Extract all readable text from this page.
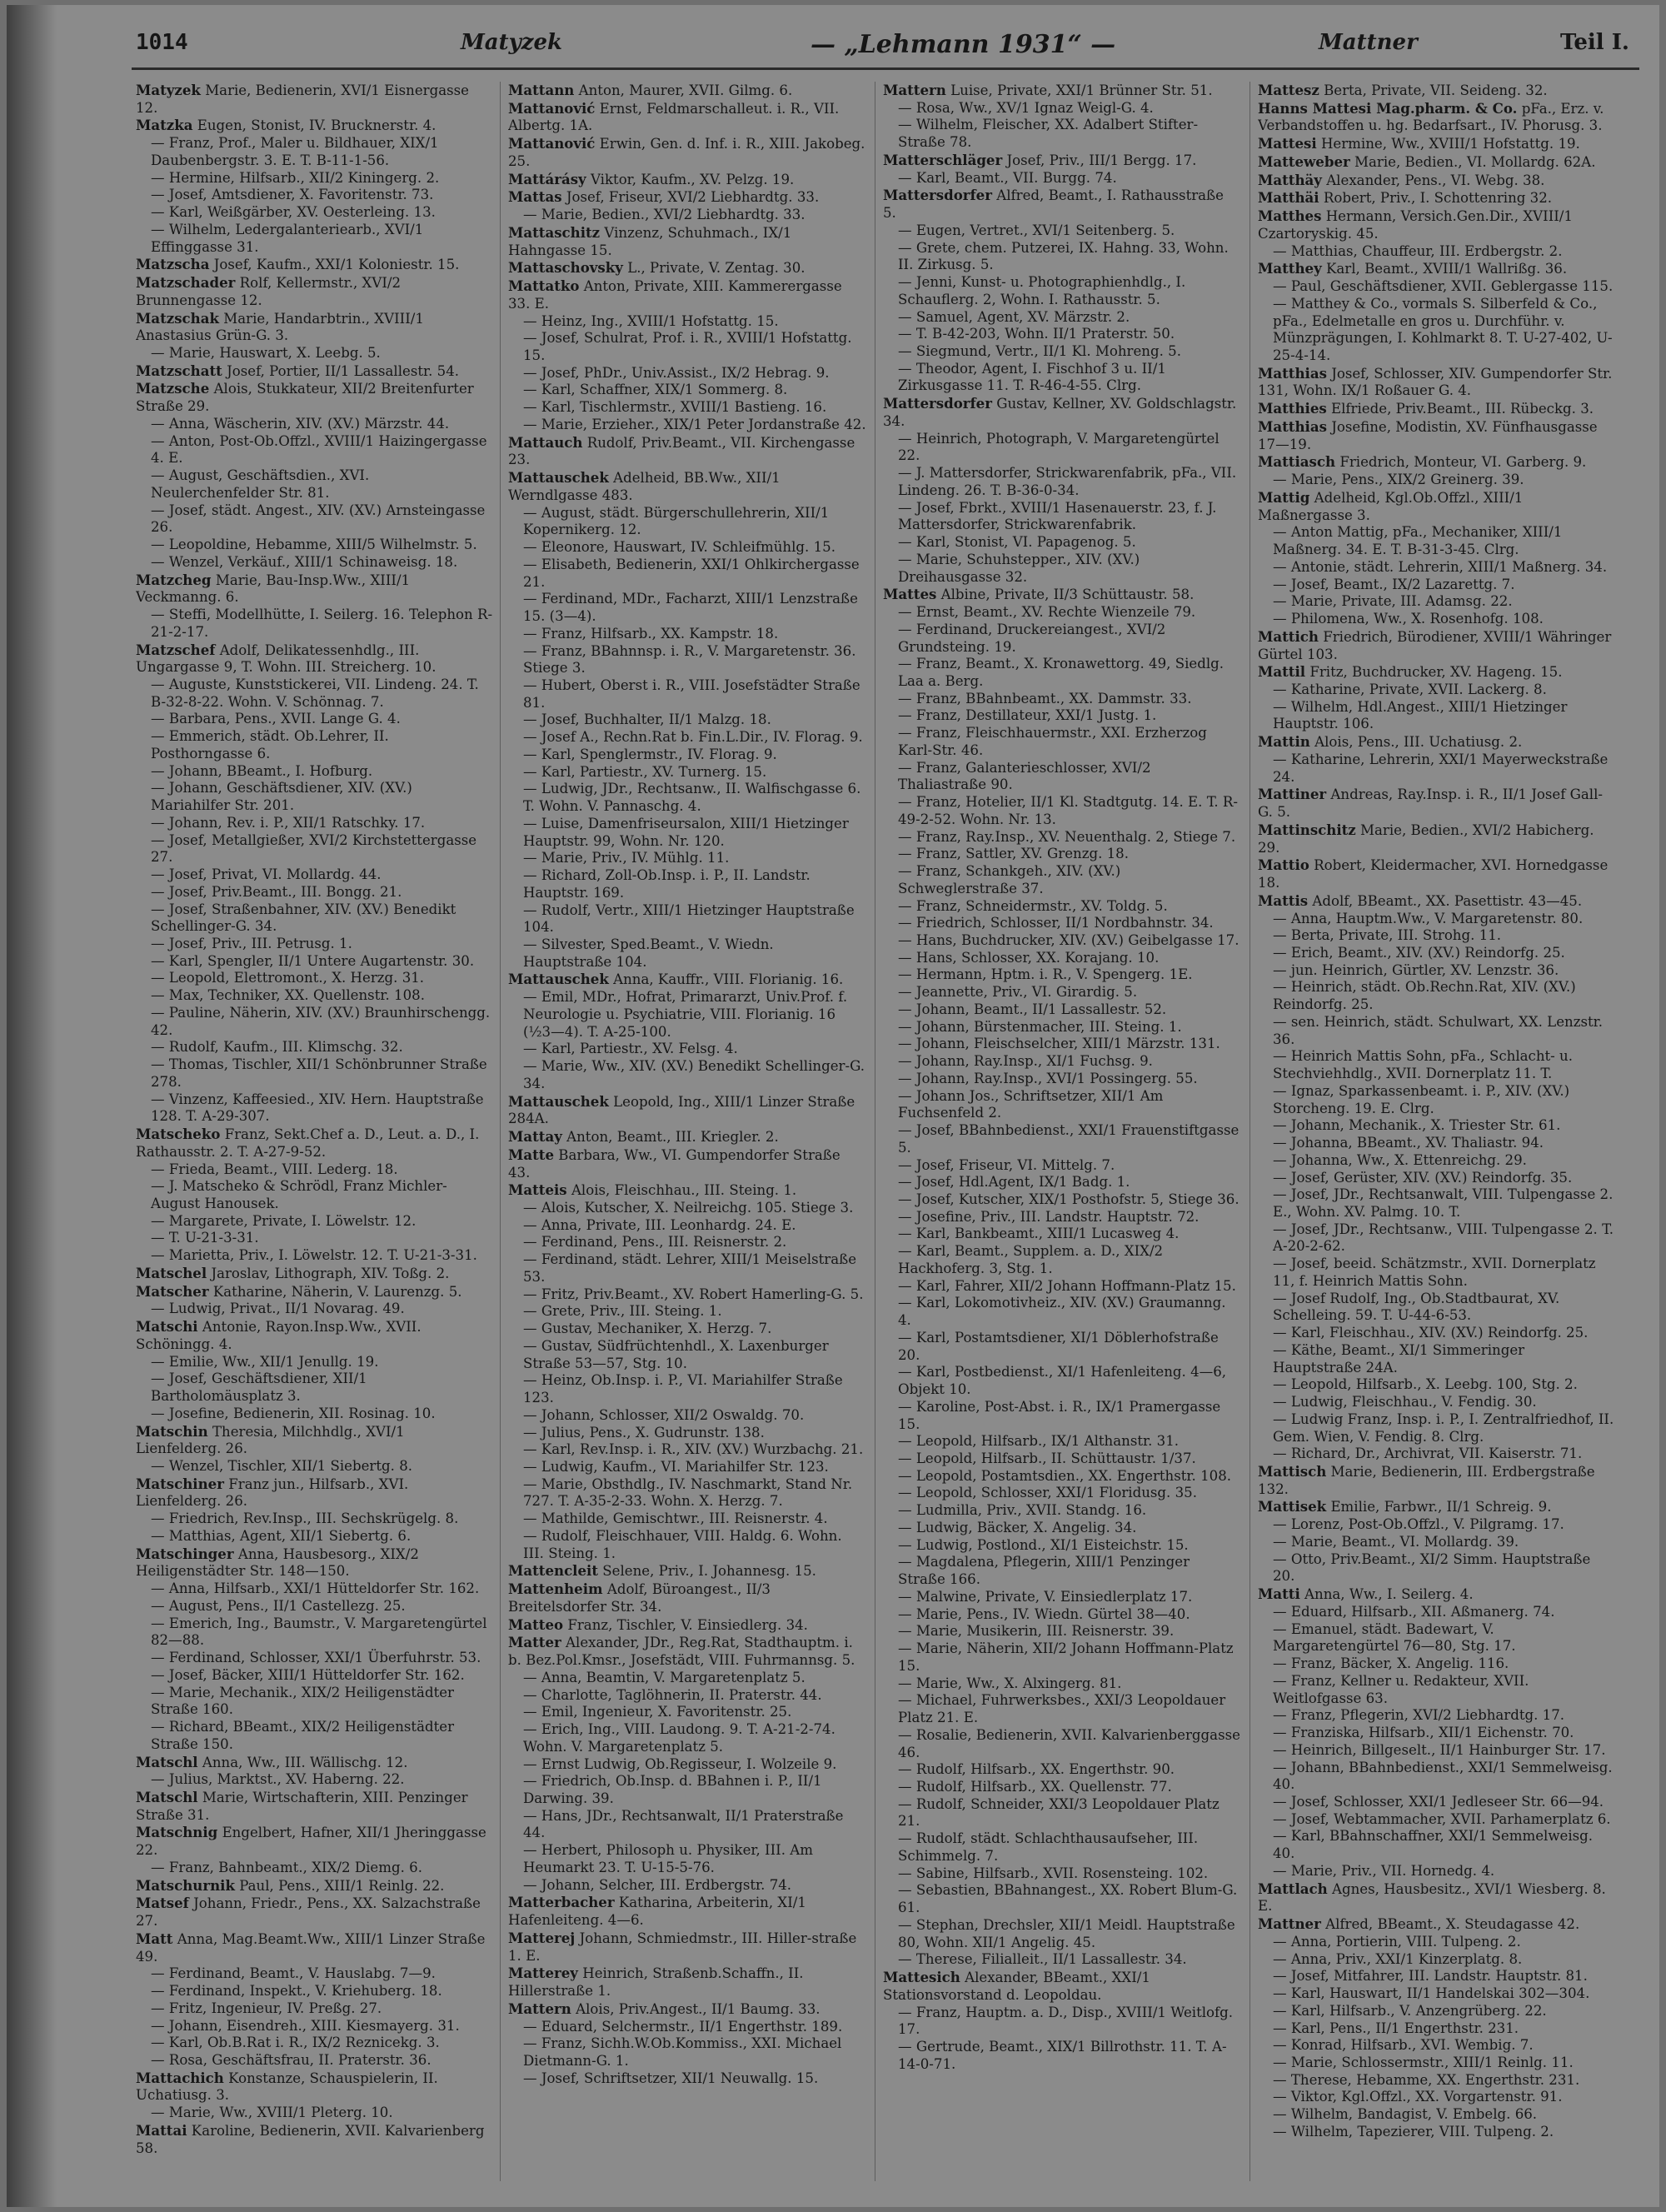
1014	Matyzek	— „Lehmann 1931“ —	Mattner	Teil I.

Matyzek Marie, Bedienerin, XVI/1 Eisnergasse 12.

Matzka Eugen, Stonist, IV. Brucknerstr. 4.

— Franz, Prof., Maler u. Bildhauer, XIX/1 Daubenbergstr. 3. E. T. B-11-1-56.

— Hermine, Hilfsarb., XII/2 Kiningerg. 2.

— Josef, Amtsdiener, X. Favoritenstr. 73.

— Karl, Weißgärber, XV. Oesterleing. 13.

— Wilhelm, Ledergalanteriearb., XVI/1 Effinggasse 31.

Matzscha Josef, Kaufm., XXI/1 Koloniestr. 15.

Matzschader Rolf, Kellermstr., XVI/2 Brunnengasse 12.

Matzschak Marie, Handarbtrin., XVIII/1 Anastasius Grün-G. 3.

— Marie, Hauswart, X. Leebg. 5.

Matzschatt Josef, Portier, II/1 Lassallestr. 54.

Matzsche Alois, Stukkateur, XII/2 Breitenfurter Straße 29.

— Anna, Wäscherin, XIV. (XV.) Märzstr. 44.

— Anton, Post-Ob.Offzl., XVIII/1 Haizingergasse 4. E.

— August, Geschäftsdien., XVI. Neulerchenfelder Str. 81.

— Josef, städt. Angest., XIV. (XV.) Arnsteingasse 26.

— Leopoldine, Hebamme, XIII/5 Wilhelmstr. 5.

— Wenzel, Verkäuf., XIII/1 Schinaweisg. 18.

Matzcheg Marie, Bau-Insp.Ww., XIII/1 Veckmanng. 6.

— Steffi, Modellhütte, I. Seilerg. 16. Telephon R-21-2-17.

Matzschef Adolf, Delikatessenhdlg., III. Ungargasse 9, T. Wohn. III. Streicherg. 10.

— Auguste, Kunststickerei, VII. Lindeng. 24. T. B-32-8-22. Wohn. V. Schönnag. 7.

— Barbara, Pens., XVII. Lange G. 4.

— Emmerich, städt. Ob.Lehrer, II. Posthorngasse 6.

— Johann, BBeamt., I. Hofburg.

— Johann, Geschäftsdiener, XIV. (XV.) Mariahilfer Str. 201.

— Johann, Rev. i. P., XII/1 Ratschky. 17.

— Josef, Metallgießer, XVI/2 Kirchstettergasse 27.

— Josef, Privat, VI. Mollardg. 44.

— Josef, Priv.Beamt., III. Bongg. 21.

— Josef, Straßenbahner, XIV. (XV.) Benedikt Schellinger-G. 34.

— Josef, Priv., III. Petrusg. 1.

— Karl, Spengler, II/1 Untere Augartenstr. 30.

— Leopold, Elettromont., X. Herzg. 31.

— Max, Techniker, XX. Quellenstr. 108.

— Pauline, Näherin, XIV. (XV.) Braunhirschengg. 42.

— Rudolf, Kaufm., III. Klimschg. 32.

— Thomas, Tischler, XII/1 Schönbrunner Straße 278.

— Vinzenz, Kaffeesied., XIV. Hern. Hauptstraße 128. T. A-29-307.

Matscheko Franz, Sekt.Chef a. D., Leut. a. D., I. Rathausstr. 2. T. A-27-9-52.

— Frieda, Beamt., VIII. Lederg. 18.

— J. Matscheko & Schrödl, Franz Michler-August Hanousek.

— Margarete, Private, I. Löwelstr. 12.

— T. U-21-3-31.

— Marietta, Priv., I. Löwelstr. 12. T. U-21-3-31.

Matschel Jaroslav, Lithograph, XIV. Toßg. 2.

Matscher Katharine, Näherin, V. Laurenzg. 5.

— Ludwig, Privat., II/1 Novarag. 49.

Matschi Antonie, Rayon.Insp.Ww., XVII. Schöningg. 4.

— Emilie, Ww., XII/1 Jenullg. 19.

— Josef, Geschäftsdiener, XII/1 Bartholomäusplatz 3.

— Josefine, Bedienerin, XII. Rosinag. 10.

Matschin Theresia, Milchhdlg., XVI/1 Lienfelderg. 26.

— Wenzel, Tischler, XII/1 Siebertg. 8.

Matschiner Franz jun., Hilfsarb., XVI. Lienfelderg. 26.

— Friedrich, Rev.Insp., III. Sechskrügelg. 8.

— Matthias, Agent, XII/1 Siebertg. 6.

Matschinger Anna, Hausbesorg., XIX/2 Heiligenstädter Str. 148—150.

— Anna, Hilfsarb., XXI/1 Hütteldorfer Str. 162.

— August, Pens., II/1 Castellezg. 25.

— Emerich, Ing., Baumstr., V. Margaretengürtel 82—88.

— Ferdinand, Schlosser, XXI/1 Überfuhrstr. 53.

— Josef, Bäcker, XIII/1 Hütteldorfer Str. 162.

— Marie, Mechanik., XIX/2 Heiligenstädter Straße 160.

— Richard, BBeamt., XIX/2 Heiligenstädter Straße 150.

Matschl Anna, Ww., III. Wällischg. 12.

— Julius, Marktst., XV. Haberng. 22.

Matschl Marie, Wirtschafterin, XIII. Penzinger Straße 31.

Matschnig Engelbert, Hafner, XII/1 Jheringgasse 22.

— Franz, Bahnbeamt., XIX/2 Diemg. 6.

Matschurnik Paul, Pens., XIII/1 Reinlg. 22.

Matsef Johann, Friedr., Pens., XX. Salzachstraße 27.

Matt Anna, Mag.Beamt.Ww., XIII/1 Linzer Straße 49.

— Ferdinand, Beamt., V. Hauslabg. 7—9.

— Ferdinand, Inspekt., V. Kriehuberg. 18.

— Fritz, Ingenieur, IV. Preßg. 27.

— Johann, Eisendreh., XIII. Kiesmayerg. 31.

— Karl, Ob.B.Rat i. R., IX/2 Reznicekg. 3.

— Rosa, Geschäftsfrau, II. Praterstr. 36.

Mattachich Konstanze, Schauspielerin, II. Uchatiusg. 3.

— Marie, Ww., XVIII/1 Pleterg. 10.

Mattai Karoline, Bedienerin, XVII. Kalvarienberg 58.

Mattann Anton, Maurer, XVII. Gilmg. 6.

Mattanović Ernst, Feldmarschalleut. i. R., VII. Albertg. 1A.

Mattanović Erwin, Gen. d. Inf. i. R., XIII. Jakobeg. 25.

Mattárásy Viktor, Kaufm., XV. Pelzg. 19.

Mattas Josef, Friseur, XVI/2 Liebhardtg. 33.

— Marie, Bedien., XVI/2 Liebhardtg. 33.

Mattaschitz Vinzenz, Schuhmach., IX/1 Hahngasse 15.

Mattaschovsky L., Private, V. Zentag. 30.

Mattatko Anton, Private, XIII. Kammerergasse 33. E.

— Heinz, Ing., XVIII/1 Hofstattg. 15.

— Josef, Schulrat, Prof. i. R., XVIII/1 Hofstattg. 15.

— Josef, PhDr., Univ.Assist., IX/2 Hebrag. 9.

— Karl, Schaffner, XIX/1 Sommerg. 8.

— Karl, Tischlermstr., XVIII/1 Bastieng. 16.

— Marie, Erzieher., XIX/1 Peter Jordanstraße 42.

Mattauch Rudolf, Priv.Beamt., VII. Kirchengasse 23.

Mattauschek Adelheid, BB.Ww., XII/1 Werndlgasse 483.

— August, städt. Bürgerschullehrerin, XII/1 Kopernikerg. 12.

— Eleonore, Hauswart, IV. Schleifmühlg. 15.

— Elisabeth, Bedienerin, XXI/1 Ohlkirchergasse 21.

— Ferdinand, MDr., Facharzt, XIII/1 Lenzstraße 15. (3—4).

— Franz, Hilfsarb., XX. Kampstr. 18.

— Franz, BBahnnsp. i. R., V. Margaretenstr. 36. Stiege 3.

— Hubert, Oberst i. R., VIII. Josefstädter Straße 81.

— Josef, Buchhalter, II/1 Malzg. 18.

— Josef A., Rechn.Rat b. Fin.L.Dir., IV. Florag. 9.

— Karl, Spenglermstr., IV. Florag. 9.

— Karl, Partiestr., XV. Turnerg. 15.

— Ludwig, JDr., Rechtsanw., II. Walfischgasse 6. T. Wohn. V. Pannaschg. 4.

— Luise, Damenfriseursalon, XIII/1 Hietzinger Hauptstr. 99, Wohn. Nr. 120.

— Marie, Priv., IV. Mühlg. 11.

— Richard, Zoll-Ob.Insp. i. P., II. Landstr. Hauptstr. 169.

— Rudolf, Vertr., XIII/1 Hietzinger Hauptstraße 104.

— Silvester, Sped.Beamt., V. Wiedn. Hauptstraße 104.

Mattauschek Anna, Kauffr., VIII. Florianig. 16.

— Emil, MDr., Hofrat, Primararzt, Univ.Prof. f. Neurologie u. Psychiatrie, VIII. Florianig. 16 (½3—4). T. A-25-100.

— Karl, Partiestr., XV. Felsg. 4.

— Marie, Ww., XIV. (XV.) Benedikt Schellinger-G. 34.

Mattauschek Leopold, Ing., XIII/1 Linzer Straße 284A.

Mattay Anton, Beamt., III. Kriegler. 2.

Matte Barbara, Ww., VI. Gumpendorfer Straße 43.

Matteis Alois, Fleischhau., III. Steing. 1.

— Alois, Kutscher, X. Neilreichg. 105. Stiege 3.

— Anna, Private, III. Leonhardg. 24. E.

— Ferdinand, Pens., III. Reisnerstr. 2.

— Ferdinand, städt. Lehrer, XIII/1 Meiselstraße 53.

— Fritz, Priv.Beamt., XV. Robert Hamerling-G. 5.

— Grete, Priv., III. Steing. 1.

— Gustav, Mechaniker, X. Herzg. 7.

— Gustav, Südfrüchtenhdl., X. Laxenburger Straße 53—57, Stg. 10.

— Heinz, Ob.Insp. i. P., VI. Mariahilfer Straße 123.

— Johann, Schlosser, XII/2 Oswaldg. 70.

— Julius, Pens., X. Gudrunstr. 138.

— Karl, Rev.Insp. i. R., XIV. (XV.) Wurzbachg. 21.

— Ludwig, Kaufm., VI. Mariahilfer Str. 123.

— Marie, Obsthdlg., IV. Naschmarkt, Stand Nr. 727. T. A-35-2-33. Wohn. X. Herzg. 7.

— Mathilde, Gemischtwr., III. Reisnerstr. 4.

— Rudolf, Fleischhauer, VIII. Haldg. 6. Wohn. III. Steing. 1.

Mattencleit Selene, Priv., I. Johannesg. 15.

Mattenheim Adolf, Büroangest., II/3 Breitelsdorfer Str. 34.

Matteo Franz, Tischler, V. Einsiedlerg. 34.

Matter Alexander, JDr., Reg.Rat, Stadthauptm. i. b. Bez.Pol.Kmsr., Josefstädt, VIII. Fuhrmannsg. 5.

— Anna, Beamtin, V. Margaretenplatz 5.

— Charlotte, Taglöhnerin, II. Praterstr. 44.

— Emil, Ingenieur, X. Favoritenstr. 25.

— Erich, Ing., VIII. Laudong. 9. T. A-21-2-74. Wohn. V. Margaretenplatz 5.

— Ernst Ludwig, Ob.Regisseur, I. Wolzeile 9.

— Friedrich, Ob.Insp. d. BBahnen i. P., II/1 Darwing. 39.

— Hans, JDr., Rechtsanwalt, II/1 Praterstraße 44.

— Herbert, Philosoph u. Physiker, III. Am Heumarkt 23. T. U-15-5-76.

— Johann, Selcher, III. Erdbergstr. 74.

Matterbacher Katharina, Arbeiterin, XI/1 Hafenleiteng. 4—6.

Matterej Johann, Schmiedmstr., III. Hiller-straße 1. E.

Matterey Heinrich, Straßenb.Schaffn., II. Hillerstraße 1.

Mattern Alois, Priv.Angest., II/1 Baumg. 33.

— Eduard, Selchermstr., II/1 Engerthstr. 189.

— Franz, Sichh.W.Ob.Kommiss., XXI. Michael Dietmann-G. 1.

— Josef, Schriftsetzer, XII/1 Neuwallg. 15.

Mattern Luise, Private, XXI/1 Brünner Str. 51.

— Rosa, Ww., XV/1 Ignaz Weigl-G. 4.

— Wilhelm, Fleischer, XX. Adalbert Stifter-Straße 78.

Matterschläger Josef, Priv., III/1 Bergg. 17.

— Karl, Beamt., VII. Burgg. 74.

Mattersdorfer Alfred, Beamt., I. Rathausstraße 5.

— Eugen, Vertret., XVI/1 Seitenberg. 5.

— Grete, chem. Putzerei, IX. Hahng. 33, Wohn. II. Zirkusg. 5.

— Jenni, Kunst- u. Photographienhdlg., I. Schauflerg. 2, Wohn. I. Rathausstr. 5.

— Samuel, Agent, XV. Märzstr. 2.

— T. B-42-203, Wohn. II/1 Praterstr. 50.

— Siegmund, Vertr., II/1 Kl. Mohreng. 5.

— Theodor, Agent, I. Fischhof 3 u. II/1 Zirkusgasse 11. T. R-46-4-55. Clrg.

Mattersdorfer Gustav, Kellner, XV. Goldschlagstr. 34.

— Heinrich, Photograph, V. Margaretengürtel 22.

— J. Mattersdorfer, Strickwarenfabrik, pFa., VII. Lindeng. 26. T. B-36-0-34.

— Josef, Fbrkt., XVIII/1 Hasenauerstr. 23, f. J. Mattersdorfer, Strickwarenfabrik.

— Karl, Stonist, VI. Papagenog. 5.

— Marie, Schuhstepper., XIV. (XV.) Dreihausgasse 32.

Mattes Albine, Private, II/3 Schüttaustr. 58.

— Ernst, Beamt., XV. Rechte Wienzeile 79.

— Ferdinand, Druckereiangest., XVI/2 Grundsteing. 19.

— Franz, Beamt., X. Kronawettorg. 49, Siedlg. Laa a. Berg.

— Franz, BBahnbeamt., XX. Dammstr. 33.

— Franz, Destillateur, XXI/1 Justg. 1.

— Franz, Fleischhauermstr., XXI. Erzherzog Karl-Str. 46.

— Franz, Galanterieschlosser, XVI/2 Thaliastraße 90.

— Franz, Hotelier, II/1 Kl. Stadtgutg. 14. E. T. R-49-2-52. Wohn. Nr. 13.

— Franz, Ray.Insp., XV. Neuenthalg. 2, Stiege 7.

— Franz, Sattler, XV. Grenzg. 18.

— Franz, Schankgeh., XIV. (XV.) Schweglerstraße 37.

— Franz, Schneidermstr., XV. Toldg. 5.

— Friedrich, Schlosser, II/1 Nordbahnstr. 34.

— Hans, Buchdrucker, XIV. (XV.) Geibelgasse 17.

— Hans, Schlosser, XX. Korajang. 10.

— Hermann, Hptm. i. R., V. Spengerg. 1E.

— Jeannette, Priv., VI. Girardig. 5.

— Johann, Beamt., II/1 Lassallestr. 52.

— Johann, Bürstenmacher, III. Steing. 1.

— Johann, Fleischselcher, XIII/1 Märzstr. 131.

— Johann, Ray.Insp., XI/1 Fuchsg. 9.

— Johann, Ray.Insp., XVI/1 Possingerg. 55.

— Johann Jos., Schriftsetzer, XII/1 Am Fuchsenfeld 2.

— Josef, BBahnbedienst., XXI/1 Frauenstiftgasse 5.

— Josef, Friseur, VI. Mittelg. 7.

— Josef, Hdl.Agent, IX/1 Badg. 1.

— Josef, Kutscher, XIX/1 Posthofstr. 5, Stiege 36.

— Josefine, Priv., III. Landstr. Hauptstr. 72.

— Karl, Bankbeamt., XIII/1 Lucasweg 4.

— Karl, Beamt., Supplem. a. D., XIX/2 Hackhoferg. 3, Stg. 1.

— Karl, Fahrer, XII/2 Johann Hoffmann-Platz 15.

— Karl, Lokomotivheiz., XIV. (XV.) Graumanng. 4.

— Karl, Postamtsdiener, XI/1 Döblerhofstraße 20.

— Karl, Postbedienst., XI/1 Hafenleiteng. 4—6, Objekt 10.

— Karoline, Post-Abst. i. R., IX/1 Pramergasse 15.

— Leopold, Hilfsarb., IX/1 Althanstr. 31.

— Leopold, Hilfsarb., II. Schüttaustr. 1/37.

— Leopold, Postamtsdien., XX. Engerthstr. 108.

— Leopold, Schlosser, XXI/1 Floridusg. 35.

— Ludmilla, Priv., XVII. Standg. 16.

— Ludwig, Bäcker, X. Angelig. 34.

— Ludwig, Postlond., XI/1 Eisteichstr. 15.

— Magdalena, Pflegerin, XIII/1 Penzinger Straße 166.

— Malwine, Private, V. Einsiedlerplatz 17.

— Marie, Pens., IV. Wiedn. Gürtel 38—40.

— Marie, Musikerin, III. Reisnerstr. 39.

— Marie, Näherin, XII/2 Johann Hoffmann-Platz 15.

— Marie, Ww., X. Alxingerg. 81.

— Michael, Fuhrwerksbes., XXI/3 Leopoldauer Platz 21. E.

— Rosalie, Bedienerin, XVII. Kalvarienberggasse 46.

— Rudolf, Hilfsarb., XX. Engerthstr. 90.

— Rudolf, Hilfsarb., XX. Quellenstr. 77.

— Rudolf, Schneider, XXI/3 Leopoldauer Platz 21.

— Rudolf, städt. Schlachthausaufseher, III. Schimmelg. 7.

— Sabine, Hilfsarb., XVII. Rosensteing. 102.

— Sebastien, BBahnangest., XX. Robert Blum-G. 61.

— Stephan, Drechsler, XII/1 Meidl. Hauptstraße 80, Wohn. XII/1 Angelig. 45.

— Therese, Filialleit., II/1 Lassallestr. 34.

Mattesich Alexander, BBeamt., XXI/1 Stationsvorstand d. Leopoldau.

— Franz, Hauptm. a. D., Disp., XVIII/1 Weitlofg. 17.

— Gertrude, Beamt., XIX/1 Billrothstr. 11. T. A-14-0-71.

Mattesz Berta, Private, VII. Seideng. 32.

Hanns Mattesi Mag.pharm. & Co. pFa., Erz. v. Verbandstoffen u. hg. Bedarfsart., IV. Phorusg. 3.

Mattesi Hermine, Ww., XVIII/1 Hofstattg. 19.

Matteweber Marie, Bedien., VI. Mollardg. 62A.

Matthäy Alexander, Pens., VI. Webg. 38.

Matthäi Robert, Priv., I. Schottenring 32.

Matthes Hermann, Versich.Gen.Dir., XVIII/1 Czartoryskig. 45.

— Matthias, Chauffeur, III. Erdbergstr. 2.

Matthey Karl, Beamt., XVIII/1 Wallrißg. 36.

— Paul, Geschäftsdiener, XVII. Geblergasse 115.

— Matthey & Co., vormals S. Silberfeld & Co., pFa., Edelmetalle en gros u. Durchführ. v. Münzprägungen, I. Kohlmarkt 8. T. U-27-402, U-25-4-14.

Matthias Josef, Schlosser, XIV. Gumpendorfer Str. 131, Wohn. IX/1 Roßauer G. 4.

Matthies Elfriede, Priv.Beamt., III. Rübeckg. 3.

Matthias Josefine, Modistin, XV. Fünfhausgasse 17—19.

Mattiasch Friedrich, Monteur, VI. Garberg. 9.

— Marie, Pens., XIX/2 Greinerg. 39.

Mattig Adelheid, Kgl.Ob.Offzl., XIII/1 Maßnergasse 3.

— Anton Mattig, pFa., Mechaniker, XIII/1 Maßnerg. 34. E. T. B-31-3-45. Clrg.

— Antonie, städt. Lehrerin, XIII/1 Maßnerg. 34.

— Josef, Beamt., IX/2 Lazarettg. 7.

— Marie, Private, III. Adamsg. 22.

— Philomena, Ww., X. Rosenhofg. 108.

Mattich Friedrich, Bürodiener, XVIII/1 Währinger Gürtel 103.

Mattil Fritz, Buchdrucker, XV. Hageng. 15.

— Katharine, Private, XVII. Lackerg. 8.

— Wilhelm, Hdl.Angest., XIII/1 Hietzinger Hauptstr. 106.

Mattin Alois, Pens., III. Uchatiusg. 2.

— Katharine, Lehrerin, XXI/1 Mayerweckstraße 24.

Mattiner Andreas, Ray.Insp. i. R., II/1 Josef Gall-G. 5.

Mattinschitz Marie, Bedien., XVI/2 Habicherg. 29.

Mattio Robert, Kleidermacher, XVI. Hornedgasse 18.

Mattis Adolf, BBeamt., XX. Pasettistr. 43—45.

— Anna, Hauptm.Ww., V. Margaretenstr. 80.

— Berta, Private, III. Strohg. 11.

— Erich, Beamt., XIV. (XV.) Reindorfg. 25.

— jun. Heinrich, Gürtler, XV. Lenzstr. 36.

— Heinrich, städt. Ob.Rechn.Rat, XIV. (XV.) Reindorfg. 25.

— sen. Heinrich, städt. Schulwart, XX. Lenzstr. 36.

— Heinrich Mattis Sohn, pFa., Schlacht- u. Stechviehhdlg., XVII. Dornerplatz 11. T.

— Ignaz, Sparkassenbeamt. i. P., XIV. (XV.) Storcheng. 19. E. Clrg.

— Johann, Mechanik., X. Triester Str. 61.

— Johanna, BBeamt., XV. Thaliastr. 94.

— Johanna, Ww., X. Ettenreichg. 29.

— Josef, Gerüster, XIV. (XV.) Reindorfg. 35.

— Josef, JDr., Rechtsanwalt, VIII. Tulpengasse 2. E., Wohn. XV. Palmg. 10. T.

— Josef, JDr., Rechtsanw., VIII. Tulpengasse 2. T. A-20-2-62.

— Josef, beeid. Schätzmstr., XVII. Dornerplatz 11, f. Heinrich Mattis Sohn.

— Josef Rudolf, Ing., Ob.Stadtbaurat, XV. Schelleing. 59. T. U-44-6-53.

— Karl, Fleischhau., XIV. (XV.) Reindorfg. 25.

— Käthe, Beamt., XI/1 Simmeringer Hauptstraße 24A.

— Leopold, Hilfsarb., X. Leebg. 100, Stg. 2.

— Ludwig, Fleischhau., V. Fendig. 30.

— Ludwig Franz, Insp. i. P., I. Zentralfriedhof, II. Gem. Wien, V. Fendig. 8. Clrg.

— Richard, Dr., Archivrat, VII. Kaiserstr. 71.

Mattisch Marie, Bedienerin, III. Erdbergstraße 132.

Mattisek Emilie, Farbwr., II/1 Schreig. 9.

— Lorenz, Post-Ob.Offzl., V. Pilgramg. 17.

— Marie, Beamt., VI. Mollardg. 39.

— Otto, Priv.Beamt., XI/2 Simm. Hauptstraße 20.

Matti Anna, Ww., I. Seilerg. 4.

— Eduard, Hilfsarb., XII. Aßmanerg. 74.

— Emanuel, städt. Badewart, V. Margaretengürtel 76—80, Stg. 17.

— Franz, Bäcker, X. Angelig. 116.

— Franz, Kellner u. Redakteur, XVII. Weitlofgasse 63.

— Franz, Pflegerin, XVI/2 Liebhardtg. 17.

— Franziska, Hilfsarb., XII/1 Eichenstr. 70.

— Heinrich, Billgeselt., II/1 Hainburger Str. 17.

— Johann, BBahnbedienst., XXI/1 Semmelweisg. 40.

— Josef, Schlosser, XXI/1 Jedleseer Str. 66—94.

— Josef, Webtammacher, XVII. Parhamerplatz 6.

— Karl, BBahnschaffner, XXI/1 Semmelweisg. 40.

— Marie, Priv., VII. Hornedg. 4.

Mattlach Agnes, Hausbesitz., XVI/1 Wiesberg. 8. E.

Mattner Alfred, BBeamt., X. Steudagasse 42.

— Anna, Portierin, VIII. Tulpeng. 2.

— Anna, Priv., XXI/1 Kinzerplatg. 8.

— Josef, Mitfahrer, III. Landstr. Hauptstr. 81.

— Karl, Hauswart, II/1 Handelskai 302—304.

— Karl, Hilfsarb., V. Anzengrüberg. 22.

— Karl, Pens., II/1 Engerthstr. 231.

— Konrad, Hilfsarb., XVI. Wembig. 7.

— Marie, Schlossermstr., XIII/1 Reinlg. 11.

— Therese, Hebamme, XX. Engerthstr. 231.

— Viktor, Kgl.Offzl., XX. Vorgartenstr. 91.

— Wilhelm, Bandagist, V. Embelg. 66.

— Wilhelm, Tapezierer, VIII. Tulpeng. 2.
